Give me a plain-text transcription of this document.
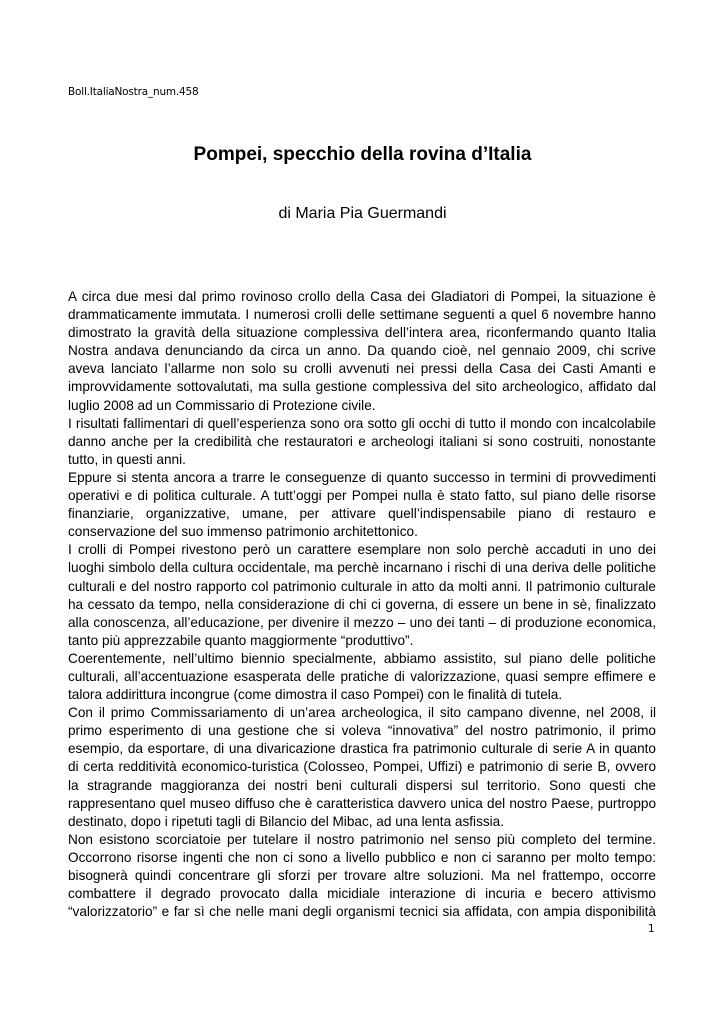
Boll.ItaliaNostra_num.458
Pompei, specchio della rovina d’Italia
di Maria Pia Guermandi

A circa due mesi dal primo rovinoso crollo della Casa dei Gladiatori di Pompei, la situazione è drammaticamente immutata. I numerosi crolli delle settimane seguenti a quel 6 novembre hanno dimostrato la gravità della situazione complessiva dell’intera area, riconfermando quanto Italia Nostra andava denunciando da circa un anno. Da quando cioè, nel gennaio 2009, chi scrive aveva lanciato l’allarme non solo su crolli avvenuti nei pressi della Casa dei Casti Amanti e improvvidamente sottovalutati, ma sulla gestione complessiva del sito archeologico, affidato dal luglio 2008 ad un Commissario di Protezione civile.

I risultati fallimentari di quell’esperienza sono ora sotto gli occhi di tutto il mondo con incalcolabile danno anche per la credibilità che restauratori e archeologi italiani si sono costruiti, nonostante tutto, in questi anni.

Eppure si stenta ancora a trarre le conseguenze di quanto successo in termini di provvedimenti operativi e di politica culturale. A tutt’oggi per Pompei nulla è stato fatto, sul piano delle risorse finanziarie, organizzative, umane, per attivare quell’indispensabile piano di restauro e conservazione del suo immenso patrimonio architettonico.

I crolli di Pompei rivestono però un carattere esemplare non solo perchè accaduti in uno dei luoghi simbolo della cultura occidentale, ma perchè incarnano i rischi di una deriva delle politiche culturali e del nostro rapporto col patrimonio culturale in atto da molti anni. Il patrimonio culturale ha cessato da tempo, nella considerazione di chi ci governa, di essere un bene in sè, finalizzato alla conoscenza, all’educazione, per divenire il mezzo – uno dei tanti – di produzione economica, tanto più apprezzabile quanto maggiormente “produttivo”.

Coerentemente, nell’ultimo biennio specialmente, abbiamo assistito, sul piano delle politiche culturali, all’accentuazione esasperata delle pratiche di valorizzazione, quasi sempre effimere e talora addirittura incongrue (come dimostra il caso Pompei) con le finalità di tutela.

Con il primo Commissariamento di un’area archeologica, il sito campano divenne, nel 2008, il primo esperimento di una gestione che si voleva “innovativa” del nostro patrimonio, il primo esempio, da esportare, di una divaricazione drastica fra patrimonio culturale di serie A in quanto di certa redditività economico-turistica (Colosseo, Pompei, Uffizi) e patrimonio di serie B, ovvero la stragrande maggioranza dei nostri beni culturali dispersi sul territorio. Sono questi che rappresentano quel museo diffuso che è caratteristica davvero unica del nostro Paese, purtroppo destinato, dopo i ripetuti tagli di Bilancio del Mibac, ad una lenta asfissia.

Non esistono scorciatoie per tutelare il nostro patrimonio nel senso più completo del termine. Occorrono risorse ingenti che non ci sono a livello pubblico e non ci saranno per molto tempo: bisognerà quindi concentrare gli sforzi per trovare altre soluzioni. Ma nel frattempo, occorre combattere il degrado provocato dalla micidiale interazione di incuria e becero attivismo “valorizzatorio” e far sì che nelle mani degli organismi tecnici sia affidata, con ampia disponibilità

1
